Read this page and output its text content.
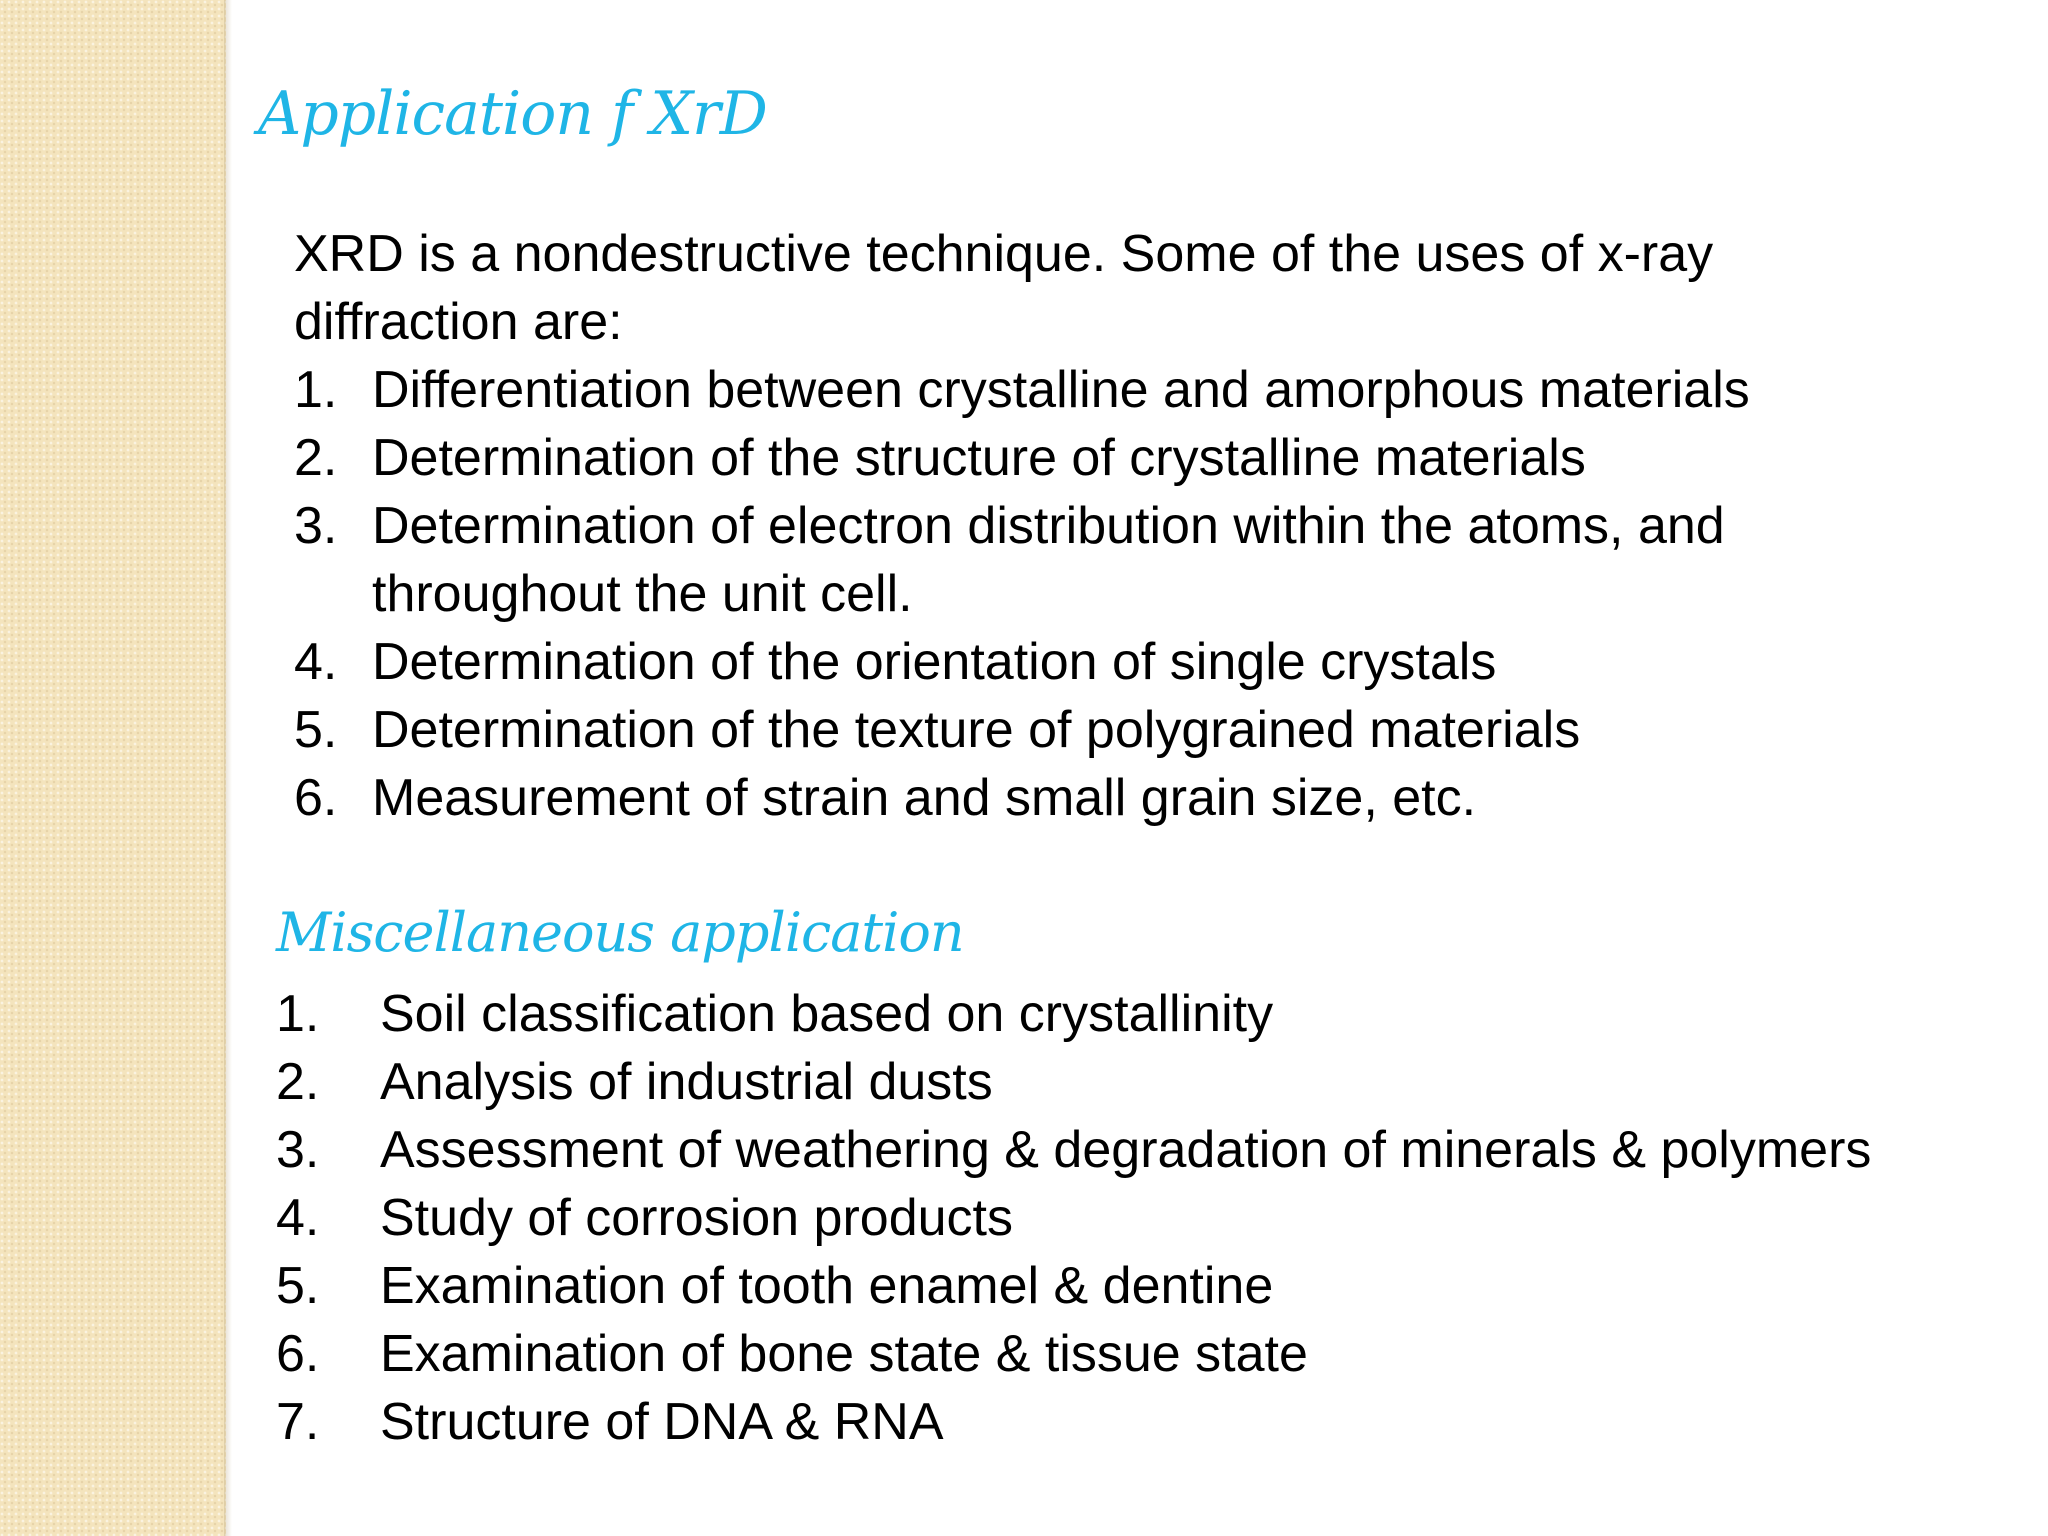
Application f XrD

XRD is a nondestructive technique. Some of the uses of x-ray diffraction are:

1. Differentiation between crystalline and amorphous materials
2. Determination of the structure of crystalline materials
3. Determination of electron distribution within the atoms, and throughout the unit cell.
4. Determination of the orientation of single crystals
5. Determination of the texture of polygrained materials
6. Measurement of strain and small grain size, etc.
Miscellaneous application
1. Soil classification based on crystallinity
2. Analysis of industrial dusts
3. Assessment of weathering & degradation of minerals & polymers
4. Study of corrosion products
5. Examination of tooth enamel & dentine
6. Examination of bone state & tissue state
7. Structure of DNA & RNA
